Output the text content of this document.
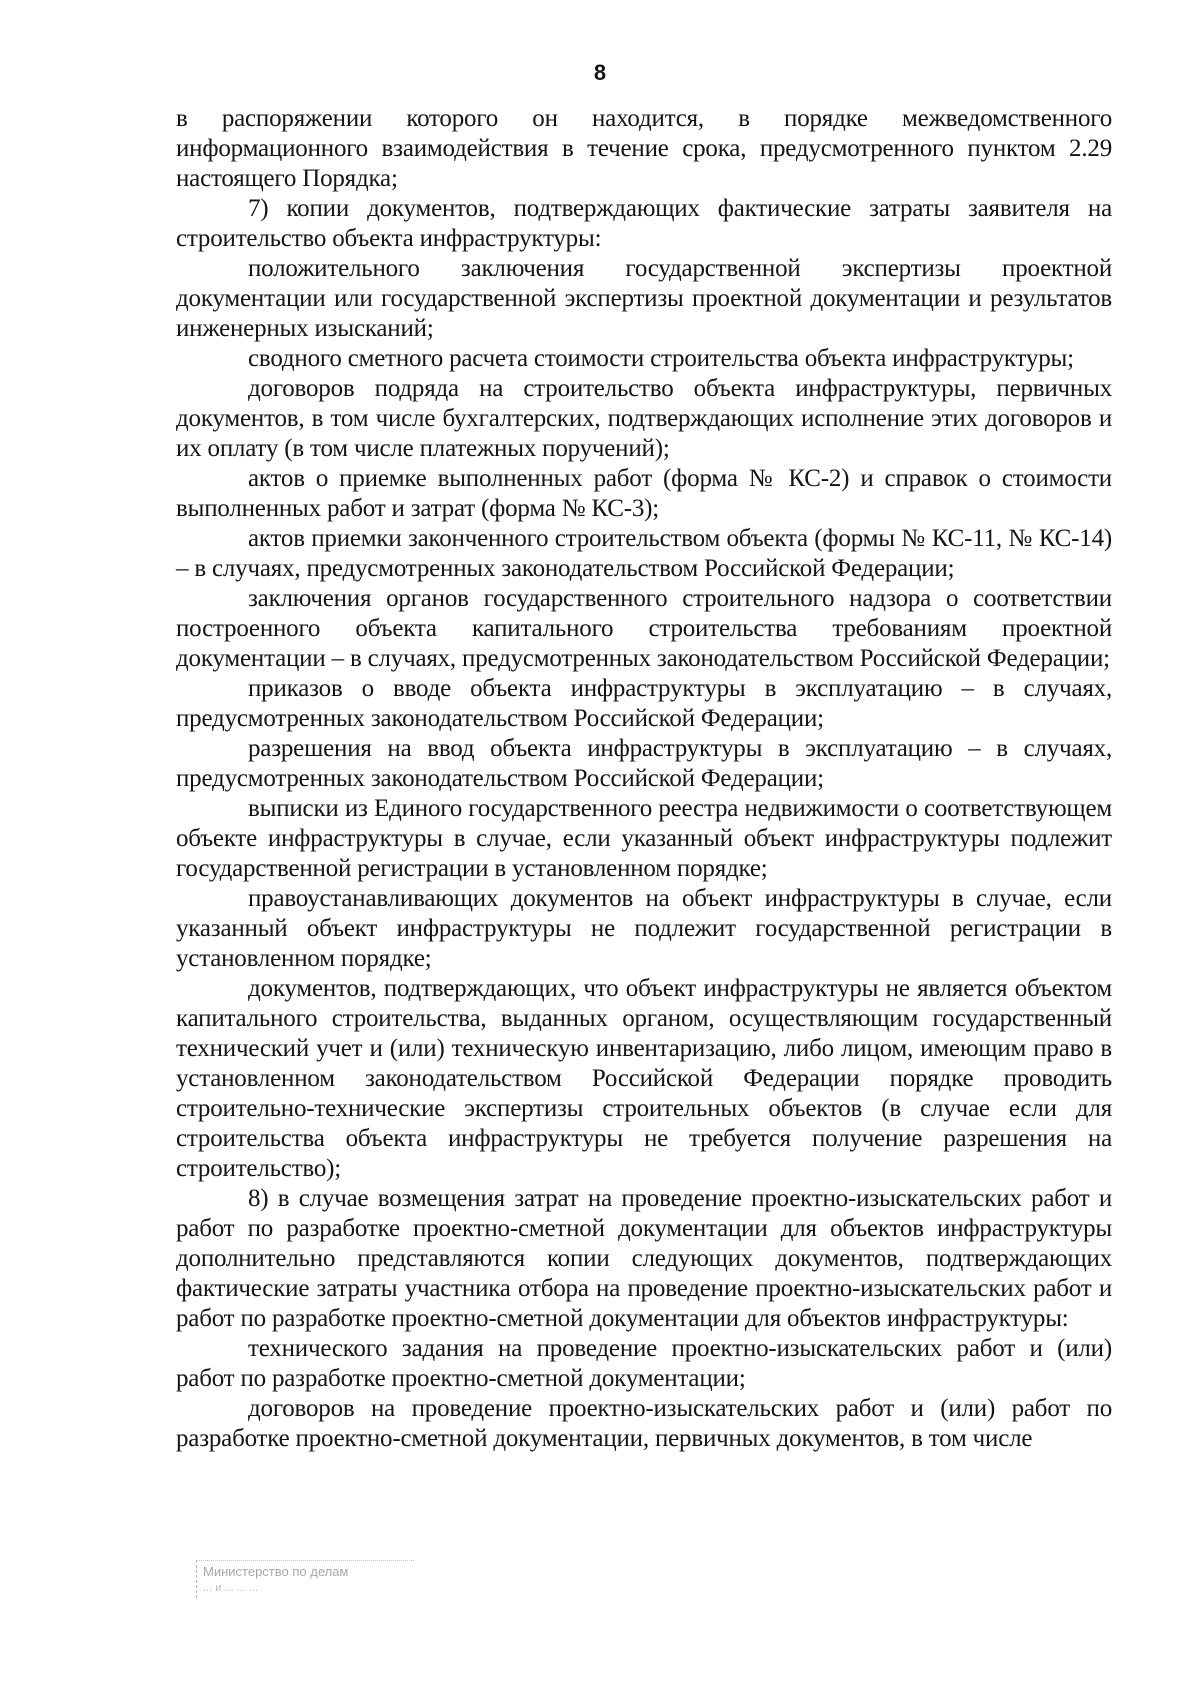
8

в распоряжении которого он находится, в порядке межведомственного информационного взаимодействия в течение срока, предусмотренного пунктом 2.29 настоящего Порядка;

7) копии документов, подтверждающих фактические затраты заявителя на строительство объекта инфраструктуры:

положительного заключения государственной экспертизы проектной документации или государственной экспертизы проектной документации и результатов инженерных изысканий;

сводного сметного расчета стоимости строительства объекта инфраструктуры;

договоров подряда на строительство объекта инфраструктуры, первичных документов, в том числе бухгалтерских, подтверждающих исполнение этих договоров и их оплату (в том числе платежных поручений);

актов о приемке выполненных работ (форма № КС-2) и справок о стоимости выполненных работ и затрат (форма № КС-3);

актов приемки законченного строительством объекта (формы № КС-11, № КС-14) – в случаях, предусмотренных законодательством Российской Федерации;

заключения органов государственного строительного надзора о соответствии построенного объекта капитального строительства требованиям проектной документации – в случаях, предусмотренных законодательством Российской Федерации;

приказов о вводе объекта инфраструктуры в эксплуатацию – в случаях, предусмотренных законодательством Российской Федерации;

разрешения на ввод объекта инфраструктуры в эксплуатацию – в случаях, предусмотренных законодательством Российской Федерации;

выписки из Единого государственного реестра недвижимости о соответствующем объекте инфраструктуры в случае, если указанный объект инфраструктуры подлежит государственной регистрации в установленном порядке;

правоустанавливающих документов на объект инфраструктуры в случае, если указанный объект инфраструктуры не подлежит государственной регистрации в установленном порядке;

документов, подтверждающих, что объект инфраструктуры не является объектом капитального строительства, выданных органом, осуществляющим государственный технический учет и (или) техническую инвентаризацию, либо лицом, имеющим право в установленном законодательством Российской Федерации порядке проводить строительно-технические экспертизы строительных объектов (в случае если для строительства объекта инфраструктуры не требуется получение разрешения на строительство);

8) в случае возмещения затрат на проведение проектно-изыскательских работ и работ по разработке проектно-сметной документации для объектов инфраструктуры дополнительно представляются копии следующих документов, подтверждающих фактические затраты участника отбора на проведение проектно-изыскательских работ и работ по разработке проектно-сметной документации для объектов инфраструктуры:

технического задания на проведение проектно-изыскательских работ и (или) работ по разработке проектно-сметной документации;

договоров на проведение проектно-изыскательских работ и (или) работ по разработке проектно-сметной документации, первичных документов, в том числе

Министерство по делам
... и ... ... ...
